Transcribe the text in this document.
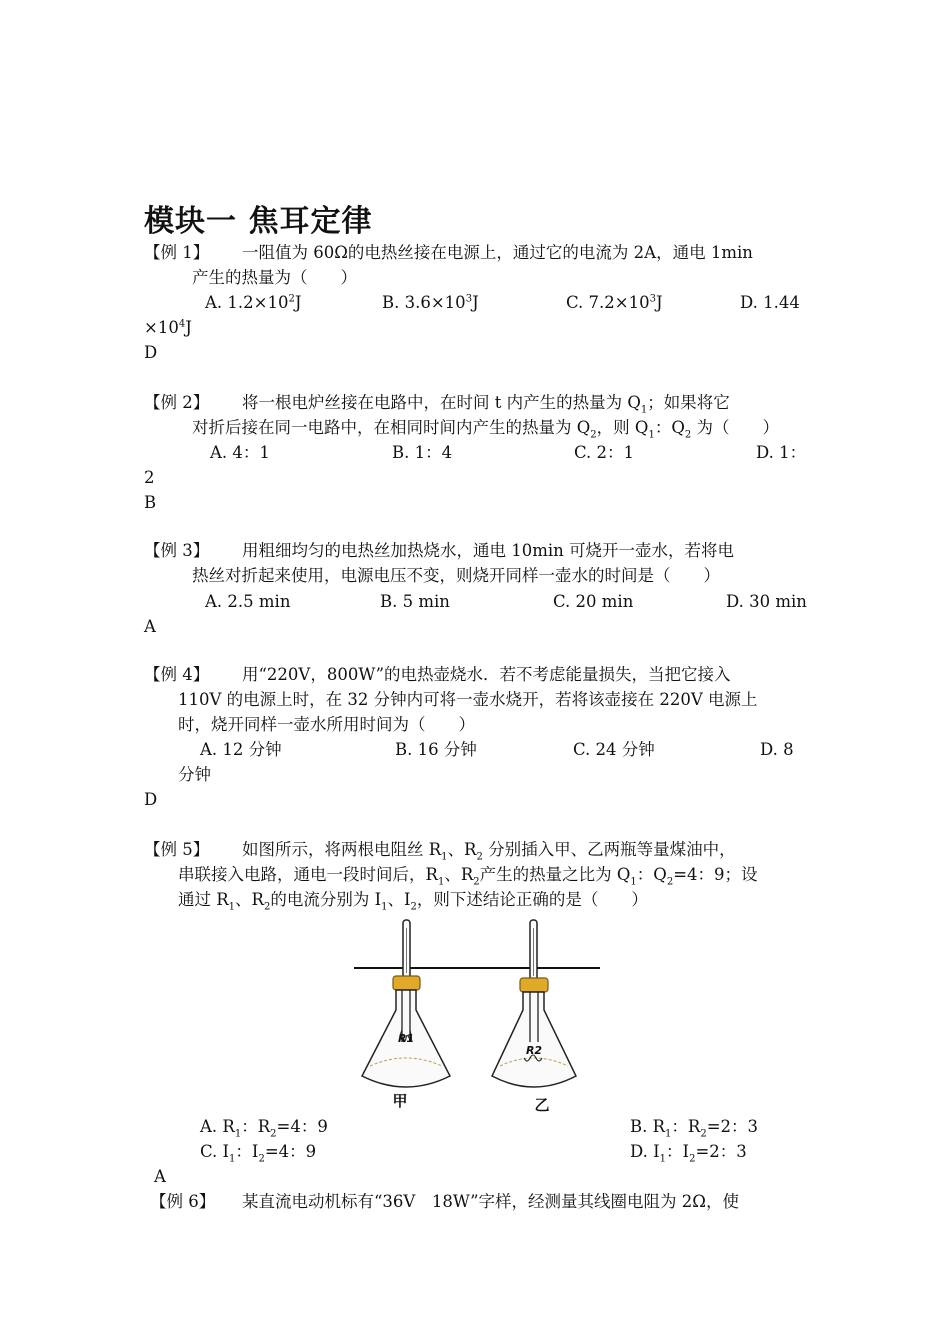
模块一 焦耳定律
【例 1】 一阻值为 60Ω的电热丝接在电源上，通过它的电流为 2A，通电 1min
产生的热量为（　　）
A. $1.2\times 10^2J$	B. $3.6\times 10^3J$	C. $7.2\times 10^3J$	D. 1.44
$\times 10^4J$
D
【例 2】 将一根电炉丝接在电路中，在时间 t 内产生的热量为 $Q_1$；如果将它
对折后接在同一电路中，在相同时间内产生的热量为 $Q_2$，则 $Q_1$：$Q_2$ 为（　　）
A. 4：1	B. 1：4	C. 2：1	D. 1：
2
B
【例 3】 用粗细均匀的电热丝加热烧水，通电 10min 可烧开一壶水，若将电
热丝对折起来使用，电源电压不变，则烧开同样一壶水的时间是（　　）
A. 2.5 min	B. 5 min	C. 20 min	D. 30 min
A
【例 4】 用“220V，800W”的电热壶烧水．若不考虑能量损失，当把它接入
110V 的电源上时，在 32 分钟内可将一壶水烧开，若将该壶接在 220V 电源上
时，烧开同样一壶水所用时间为（　　）
A. 12 分钟	B. 16 分钟	C. 24 分钟	D. 8
分钟
D
【例 5】 如图所示，将两根电阻丝 $R_1$、$R_2$ 分别插入甲、乙两瓶等量煤油中，
串联接入电路，通电一段时间后，$R_1$、$R_2$产生的热量之比为 $Q_1$：$Q_2=4$：9；设
通过 $R_1$、$R_2$的电流分别为 $I_1$、$I_2$，则下述结论正确的是（　　）
R1
甲
R2
乙
A. $R_1$：$R_2=4$：9	B. $R_1$：$R_2=2$：3
C. $I_1$：$I_2=4$：9	D. $I_1$：$I_2=2$：3
A
【例 6】 某直流电动机标有“36V　18W”字样，经测量其线圈电阻为 2Ω，使
